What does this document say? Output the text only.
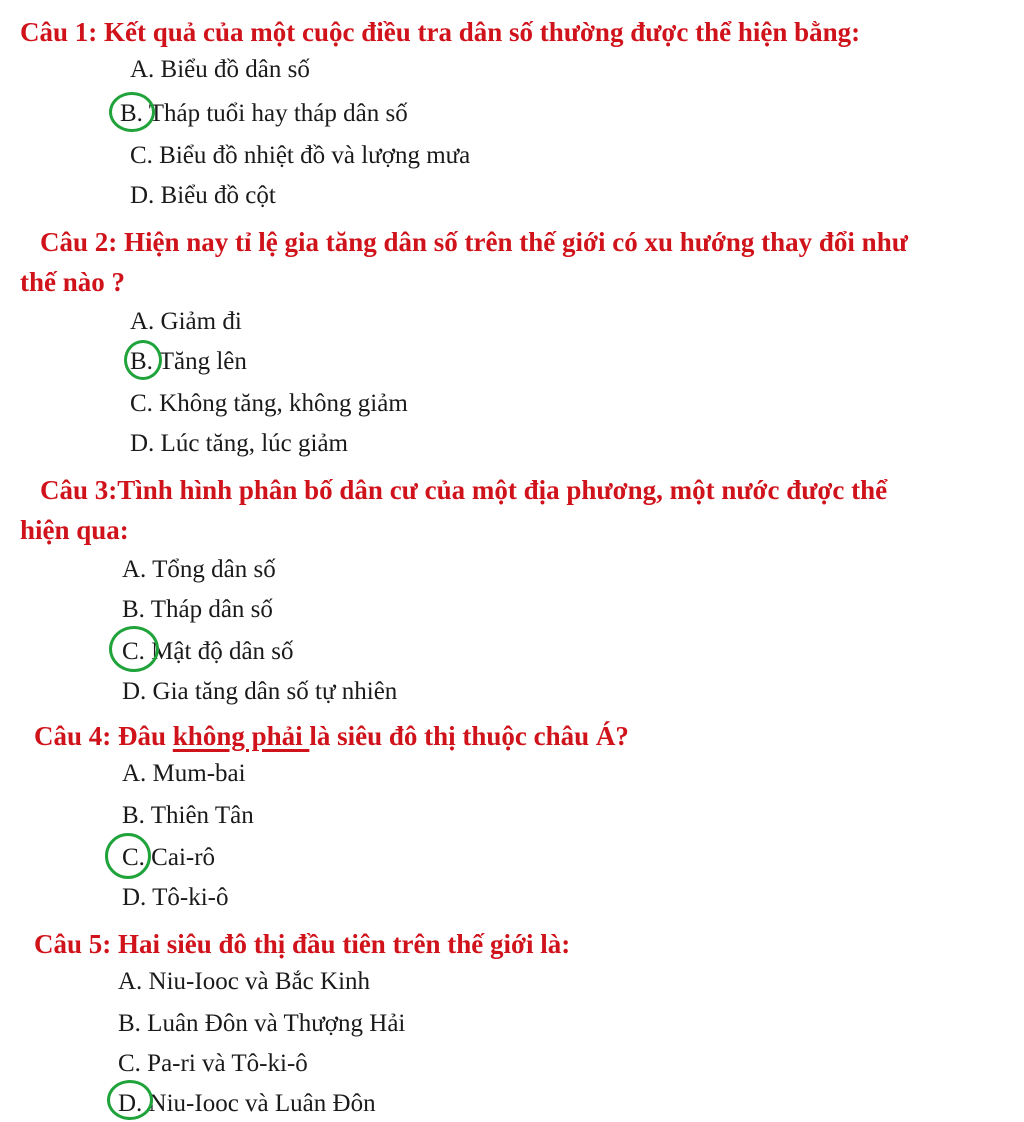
Câu 1: Kết quả của một cuộc điều tra dân số thường được thể hiện bằng:
A. Biểu đồ dân số
B. Tháp tuổi hay tháp dân số
C. Biểu đồ nhiệt đồ và lượng mưa
D. Biểu đồ cột
Câu 2: Hiện nay tỉ lệ gia tăng dân số trên thế giới có xu hướng thay đổi như
thế nào ?
A. Giảm đi
B. Tăng lên
C. Không tăng, không giảm
D. Lúc tăng, lúc giảm
Câu 3:Tình hình phân bố dân cư của một địa phương, một nước được thể
hiện qua:
A. Tổng dân số
B. Tháp dân số
C. Mật độ dân số
D. Gia tăng dân số tự nhiên
Câu 4: Đâu không phải là siêu đô thị thuộc châu Á?
A. Mum-bai
B. Thiên Tân
C. Cai-rô
D. Tô-ki-ô
Câu 5: Hai siêu đô thị đầu tiên trên thế giới là:
A. Niu-Iooc và Bắc Kinh
B. Luân Đôn và Thượng Hải
C. Pa-ri và Tô-ki-ô
D. Niu-Iooc và Luân Đôn
